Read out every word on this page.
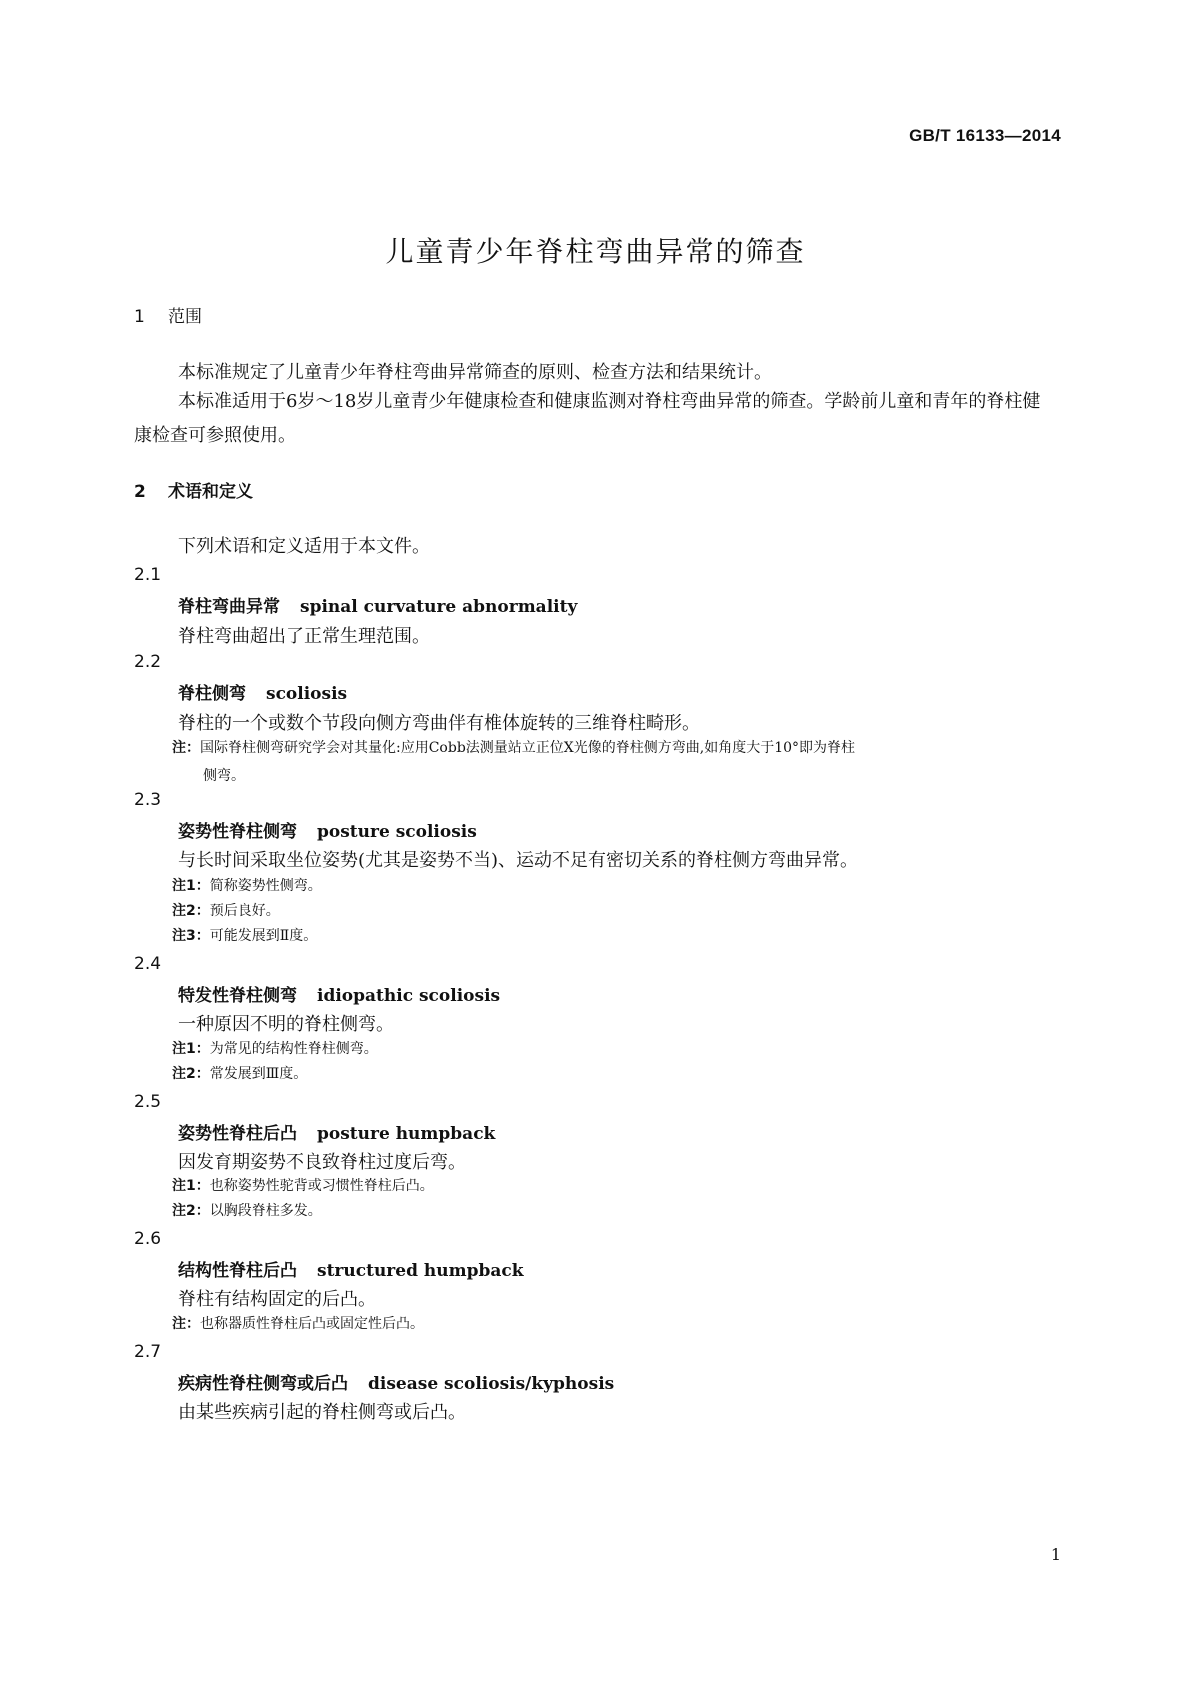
GB/T 16133—2014
儿童青少年脊柱弯曲异常的筛查
1 范围
本标准规定了儿童青少年脊柱弯曲异常筛查的原则、检查方法和结果统计。
本标准适用于6岁～18岁儿童青少年健康检查和健康监测对脊柱弯曲异常的筛查。学龄前儿童和青年的脊柱健康检查可参照使用。
2 术语和定义
下列术语和定义适用于本文件。
2.1
脊柱弯曲异常 spinal curvature abnormality
脊柱弯曲超出了正常生理范围。
2.2
脊柱侧弯 scoliosis
脊柱的一个或数个节段向侧方弯曲伴有椎体旋转的三维脊柱畸形。
注：国际脊柱侧弯研究学会对其量化:应用Cobb法测量站立正位X光像的脊柱侧方弯曲,如角度大于10°即为脊柱
侧弯。
2.3
姿势性脊柱侧弯 posture scoliosis
与长时间采取坐位姿势(尤其是姿势不当)、运动不足有密切关系的脊柱侧方弯曲异常。
注1：简称姿势性侧弯。
注2：预后良好。
注3：可能发展到Ⅱ度。
2.4
特发性脊柱侧弯 idiopathic scoliosis
一种原因不明的脊柱侧弯。
注1：为常见的结构性脊柱侧弯。
注2：常发展到Ⅲ度。
2.5
姿势性脊柱后凸 posture humpback
因发育期姿势不良致脊柱过度后弯。
注1：也称姿势性驼背或习惯性脊柱后凸。
注2：以胸段脊柱多发。
2.6
结构性脊柱后凸 structured humpback
脊柱有结构固定的后凸。
注：也称器质性脊柱后凸或固定性后凸。
2.7
疾病性脊柱侧弯或后凸 disease scoliosis/kyphosis
由某些疾病引起的脊柱侧弯或后凸。
1
